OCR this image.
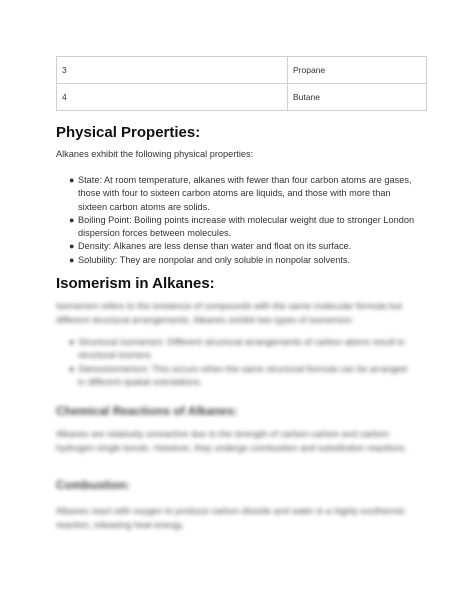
3	Propane
4	Butane
Physical Properties:

Alkanes exhibit the following physical properties:

● State: At room temperature, alkanes with fewer than four carbon atoms are gases, those with four to sixteen carbon atoms are liquids, and those with more than sixteen carbon atoms are solids.
● Boiling Point: Boiling points increase with molecular weight due to stronger London dispersion forces between molecules.
● Density: Alkanes are less dense than water and float on its surface.
● Solubility: They are nonpolar and only soluble in nonpolar solvents.
Isomerism in Alkanes:

Isomerism refers to the existence of compounds with the same molecular formula but different structural arrangements. Alkanes exhibit two types of isomerism:

● Structural Isomerism: Different structural arrangements of carbon atoms result in structural isomers.
● Stereoisomerism: This occurs when the same structural formula can be arranged in different spatial orientations.
Chemical Reactions of Alkanes:

Alkanes are relatively unreactive due to the strength of carbon-carbon and carbon-hydrogen single bonds. However, they undergo combustion and substitution reactions.

Combustion:

Alkanes react with oxygen to produce carbon dioxide and water in a highly exothermic reaction, releasing heat energy.
